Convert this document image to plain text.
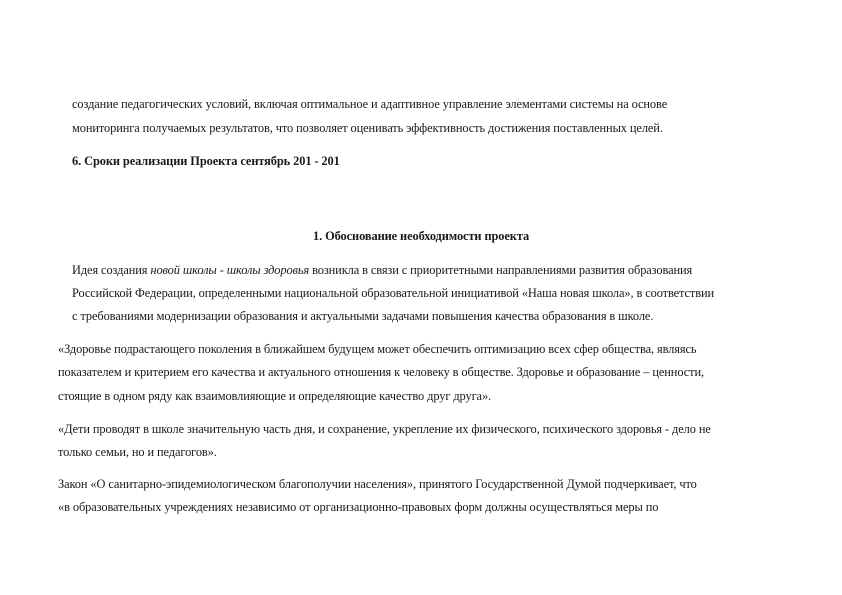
создание педагогических условий, включая оптимальное и адаптивное управление элементами системы на основе
мониторинга получаемых результатов, что позволяет оценивать эффективность достижения поставленных целей.
6. Сроки реализации Проекта сентябрь 201 - 201
1. Обоснование необходимости проекта
Идея создания новой школы - школы здоровья возникла в связи с приоритетными направлениями развития образования
Российской Федерации, определенными национальной образовательной инициативой «Наша новая школа», в соответствии
с требованиями модернизации образования и актуальными задачами повышения качества образования в школе.
«Здоровье подрастающего поколения в ближайшем будущем может обеспечить оптимизацию всех сфер общества, являясь
показателем и критерием его качества и актуального отношения к человеку в обществе. Здоровье и образование – ценности,
стоящие в одном ряду как взаимовлияющие и определяющие качество друг друга».
«Дети проводят в школе значительную часть дня, и сохранение, укрепление их физического, психического здоровья - дело не
только семьи, но и педагогов».
Закон «О санитарно-эпидемиологическом благополучии населения», принятого Государственной Думой подчеркивает, что
«в образовательных учреждениях независимо от организационно-правовых форм должны осуществляться меры по
